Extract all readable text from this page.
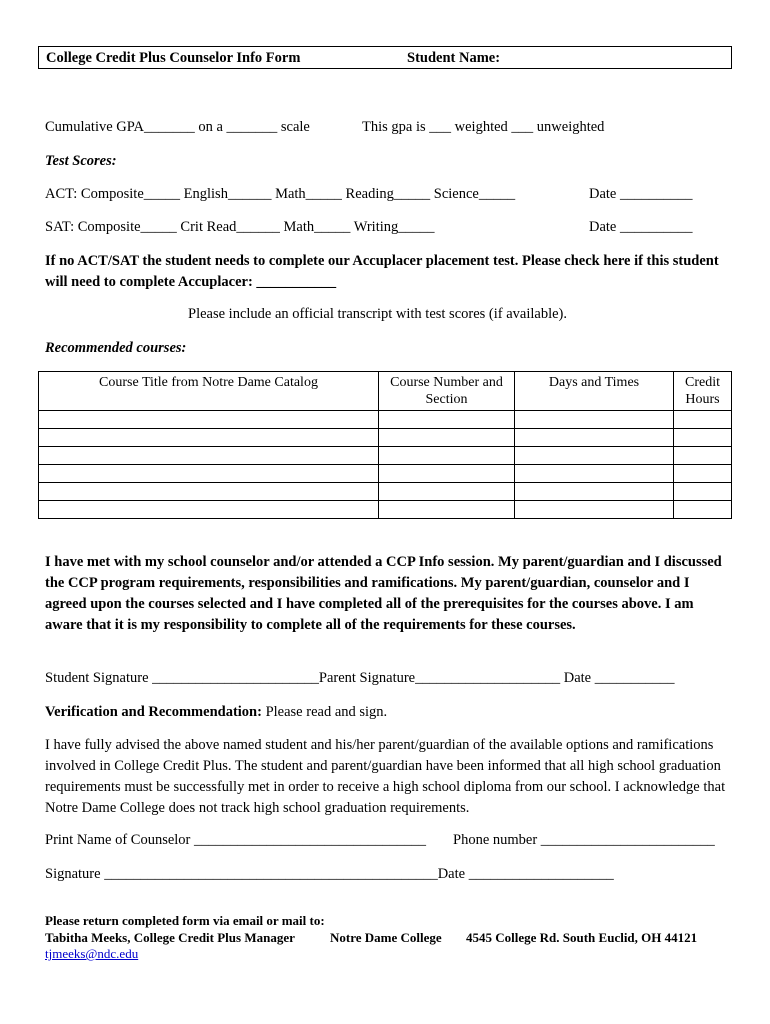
College Credit Plus Counselor Info Form	Student Name:
Cumulative GPA_______ on a _______ scale	This gpa is ___ weighted ___ unweighted
Test Scores:
ACT: Composite_____ English______ Math_____ Reading_____ Science_____	Date __________
SAT: Composite_____ Crit Read______ Math_____ Writing_____	Date __________
If no ACT/SAT the student needs to complete our Accuplacer placement test. Please check here if this student will need to complete Accuplacer: ___________
Please include an official transcript with test scores (if available).
Recommended courses:
Course Title from Notre Dame Catalog	Course Number and Section	Days and Times	Credit Hours

I have met with my school counselor and/or attended a CCP Info session. My parent/guardian and I discussed the CCP program requirements, responsibilities and ramifications. My parent/guardian, counselor and I agreed upon the courses selected and I have completed all of the prerequisites for the courses above. I am aware that it is my responsibility to complete all of the requirements for these courses.
Student Signature _______________________Parent Signature____________________ Date ___________
Verification and Recommendation: Please read and sign.
I have fully advised the above named student and his/her parent/guardian of the available options and ramifications involved in College Credit Plus. The student and parent/guardian have been informed that all high school graduation requirements must be successfully met in order to receive a high school diploma from our school. I acknowledge that Notre Dame College does not track high school graduation requirements.
Print Name of Counselor ________________________________ Phone number ________________________
Signature ______________________________________________Date ____________________
Please return completed form via email or mail to:
Tabitha Meeks, College Credit Plus Manager	Notre Dame College 4545 College Rd. South Euclid, OH 44121
tjmeeks@ndc.edu
